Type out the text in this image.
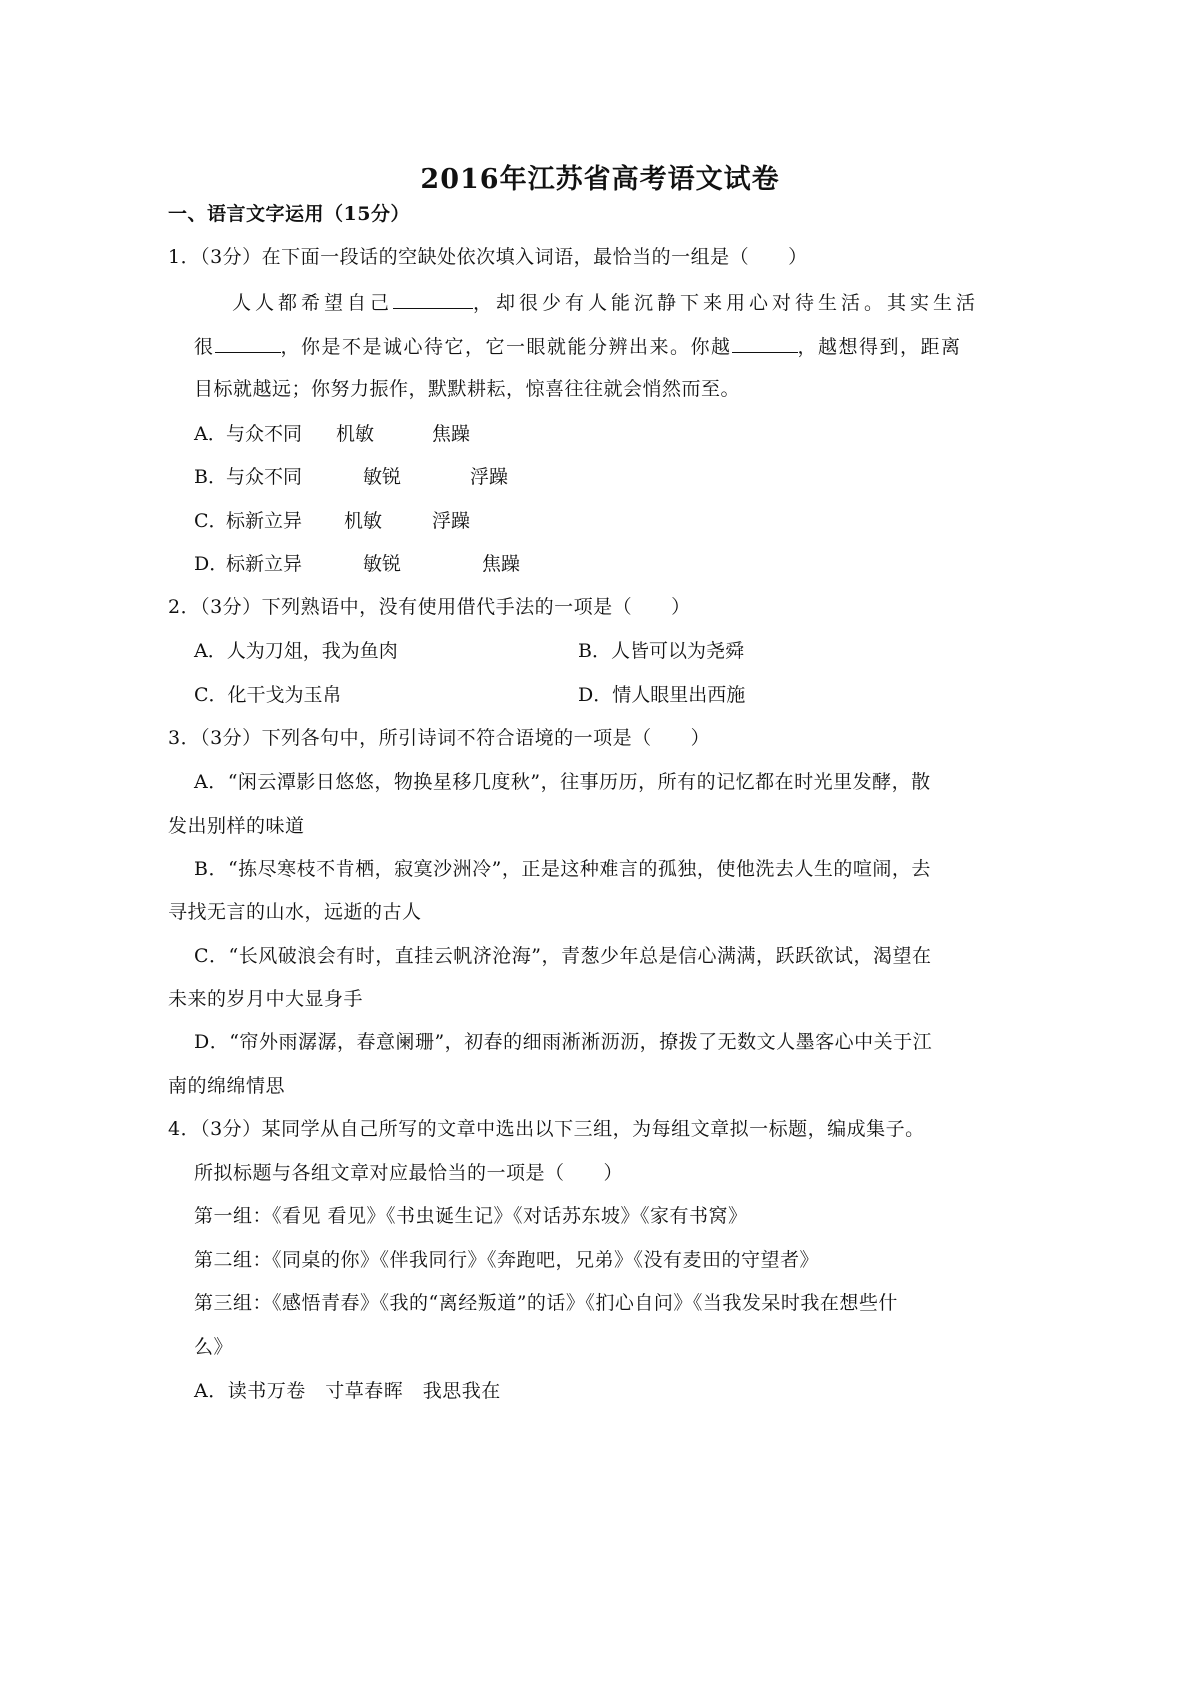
2016年江苏省高考语文试卷
一、语言文字运用（15分）
1．（3分）在下面一段话的空缺处依次填入词语，最恰当的一组是（　　）
人人都希望自己	，却很少有人能沉静下来用心对待生活。其实生活
很	，你是不是诚心待它，它一眼就能分辨出来。你越	，越想得到，距离
目标就越远；你努力振作，默默耕耘，惊喜往往就会悄然而至。
A． 与众不同 机敏	焦躁
B． 与众不同	敏锐	浮躁
C．
标新立异 机敏	浮躁
D．
标新立异	敏锐	焦躁
2．（3分）下列熟语中，没有使用借代手法的一项是（　　）
A．人为刀俎，我为鱼肉	B．人皆可以为尧舜
C．化干戈为玉帛	D．情人眼里出西施
3．（3分）下列各句中，所引诗词不符合语境的一项是（　　）
A．“闲云潭影日悠悠，物换星移几度秋”，往事历历，所有的记忆都在时光里发酵，散
发出别样的味道
B．“拣尽寒枝不肯栖，寂寞沙洲冷”，正是这种难言的孤独，使他洗去人生的喧闹，去
寻找无言的山水，远逝的古人
C．“长风破浪会有时，直挂云帆济沧海”，青葱少年总是信心满满，跃跃欲试，渴望在
未来的岁月中大显身手
D．“帘外雨潺潺，春意阑珊”，初春的细雨淅淅沥沥，撩拨了无数文人墨客心中关于江
南的绵绵情思
4．（3分）某同学从自己所写的文章中选出以下三组，为每组文章拟一标题，编成集子。
所拟标题与各组文章对应最恰当的一项是（　　）
第一组：《看见 看见》《书虫诞生记》《对话苏东坡》《家有书窝》
第二组：《同桌的你》《伴我同行》《奔跑吧，兄弟》《没有麦田的守望者》
第三组：《感悟青春》《我的“离经叛道”的话》《扪心自问》《当我发呆时我在想些什
么》
A．读书万卷　寸草春晖　我思我在
